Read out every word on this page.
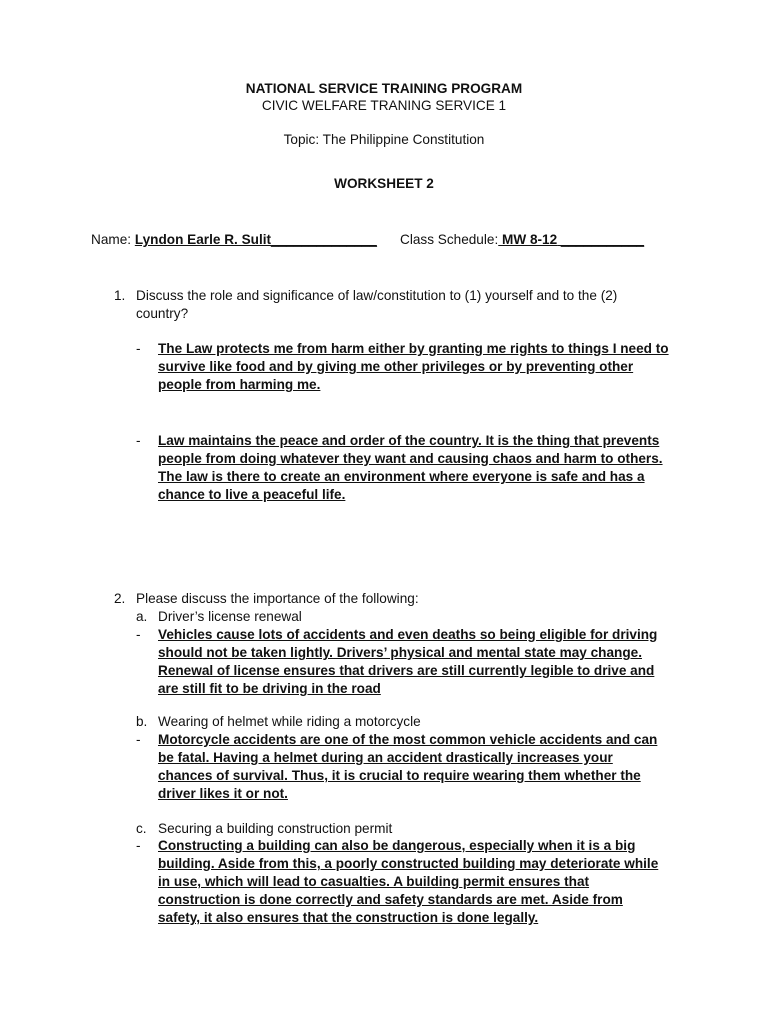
NATIONAL SERVICE TRAINING PROGRAM
CIVIC WELFARE TRANING SERVICE 1
Topic: The Philippine Constitution
WORKSHEET 2
Name: Lyndon Earle R. Sulit______________ Class Schedule: MW 8-12 ___________
1. Discuss the role and significance of law/constitution to (1) yourself and to the (2)
country?
- The Law protects me from harm either by granting me rights to things I need to
survive like food and by giving me other privileges or by preventing other
people from harming me.
- Law maintains the peace and order of the country. It is the thing that prevents
people from doing whatever they want and causing chaos and harm to others.
The law is there to create an environment where everyone is safe and has a
chance to live a peaceful life.
2. Please discuss the importance of the following:
a. Driver’s license renewal
- Vehicles cause lots of accidents and even deaths so being eligible for driving
should not be taken lightly. Drivers’ physical and mental state may change.
Renewal of license ensures that drivers are still currently legible to drive and
are still fit to be driving in the road
b. Wearing of helmet while riding a motorcycle
- Motorcycle accidents are one of the most common vehicle accidents and can
be fatal. Having a helmet during an accident drastically increases your
chances of survival. Thus, it is crucial to require wearing them whether the
driver likes it or not.
c. Securing a building construction permit
- Constructing a building can also be dangerous, especially when it is a big
building. Aside from this, a poorly constructed building may deteriorate while
in use, which will lead to casualties. A building permit ensures that
construction is done correctly and safety standards are met. Aside from
safety, it also ensures that the construction is done legally.
